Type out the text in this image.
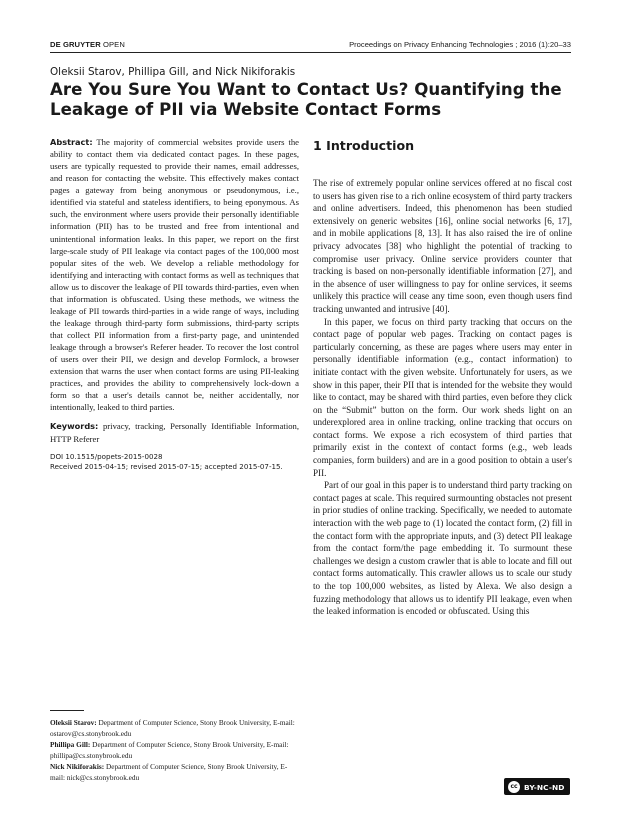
DE GRUYTER OPEN	Proceedings on Privacy Enhancing Technologies ; 2016 (1):20–33
Oleksii Starov, Phillipa Gill, and Nick Nikiforakis
Are You Sure You Want to Contact Us? Quantifying the Leakage of PII via Website Contact Forms

Abstract: The majority of commercial websites provide users the ability to contact them via dedicated contact pages. In these pages, users are typically requested to provide their names, email addresses, and reason for contacting the website. This effectively makes contact pages a gateway from being anonymous or pseudonymous, i.e., identified via stateful and stateless identifiers, to being eponymous. As such, the environment where users provide their personally identifiable information (PII) has to be trusted and free from intentional and unintentional information leaks. In this paper, we report on the first large-scale study of PII leakage via contact pages of the 100,000 most popular sites of the web. We develop a reliable methodology for identifying and interacting with contact forms as well as techniques that allow us to discover the leakage of PII towards third-parties, even when that information is obfuscated. Using these methods, we witness the leakage of PII towards third-parties in a wide range of ways, including the leakage through third-party form submissions, third-party scripts that collect PII information from a first-party page, and unintended leakage through a browser's Referer header. To recover the lost control of users over their PII, we design and develop Formlock, a browser extension that warns the user when contact forms are using PII-leaking practices, and provides the ability to comprehensively lock-down a form so that a user's details cannot be, neither accidentally, nor intentionally, leaked to third parties.

Keywords: privacy, tracking, Personally Identifiable Information, HTTP Referer

DOI 10.1515/popets-2015-0028

Received 2015-04-15; revised 2015-07-15; accepted 2015-07-15.

Oleksii Starov: Department of Computer Science, Stony Brook University, E-mail: ostarov@cs.stonybrook.edu

Phillipa Gill: Department of Computer Science, Stony Brook University, E-mail: phillipa@cs.stonybrook.edu

Nick Nikiforakis: Department of Computer Science, Stony Brook University, E-mail: nick@cs.stonybrook.edu

1 Introduction

The rise of extremely popular online services offered at no fiscal cost to users has given rise to a rich online ecosystem of third party trackers and online advertisers. Indeed, this phenomenon has been studied extensively on generic websites [16], online social networks [6, 17], and in mobile applications [8, 13]. It has also raised the ire of online privacy advocates [38] who highlight the potential of tracking to compromise user privacy. Online service providers counter that tracking is based on non-personally identifiable information [27], and in the absence of user willingness to pay for online services, it seems unlikely this practice will cease any time soon, even though users find tracking unwanted and intrusive [40].

In this paper, we focus on third party tracking that occurs on the contact page of popular web pages. Tracking on contact pages is particularly concerning, as these are pages where users may enter in personally identifiable information (e.g., contact information) to initiate contact with the given website. Unfortunately for users, as we show in this paper, their PII that is intended for the website they would like to contact, may be shared with third parties, even before they click on the “Submit” button on the form. Our work sheds light on an underexplored area in online tracking, online tracking that occurs on contact forms. We expose a rich ecosystem of third parties that primarily exist in the context of contact forms (e.g., web leads companies, form builders) and are in a good position to obtain a user's PII.

Part of our goal in this paper is to understand third party tracking on contact pages at scale. This required surmounting obstacles not present in prior studies of online tracking. Specifically, we needed to automate interaction with the web page to (1) located the contact form, (2) fill in the contact form with the appropriate inputs, and (3) detect PII leakage from the contact form/the page embedding it. To surmount these challenges we design a custom crawler that is able to locate and fill out contact forms automatically. This crawler allows us to scale our study to the top 100,000 websites, as listed by Alexa. We also design a fuzzing methodology that allows us to identify PII leakage, even when the leaked information is encoded or obfuscated. Using this

cc BY-NC-ND
